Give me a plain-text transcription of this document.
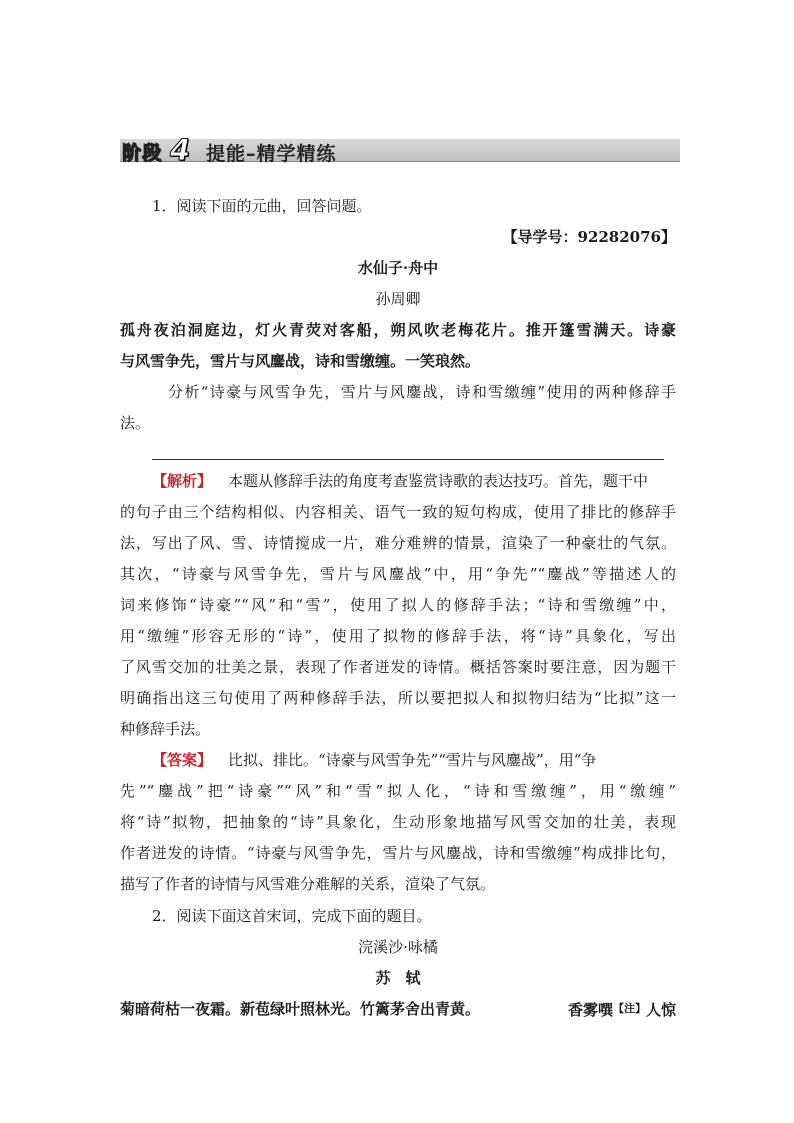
阶段 4 提能–精学精练
1．阅读下面的元曲，回答问题。
【导学号：92282076】
水仙子·舟中
孙周卿
孤舟夜泊洞庭边，灯火青荧对客船，朔风吹老梅花片。推开篷雪满天。诗豪
与风雪争先，雪片与风鏖战，诗和雪缴缠。一笑琅然。
分析“诗豪与风雪争先，雪片与风鏖战，诗和雪缴缠”使用的两种修辞手
法。
【解析】 本题从修辞手法的角度考查鉴赏诗歌的表达技巧。首先，题干中
的句子由三个结构相似、内容相关、语气一致的短句构成，使用了排比的修辞手
法，写出了风、雪、诗情搅成一片，难分难辨的情景，渲染了一种豪壮的气氛。
其次，“诗豪与风雪争先，雪片与风鏖战”中，用“争先”“鏖战”等描述人的
词来修饰“诗豪”“风”和“雪”，使用了拟人的修辞手法；“诗和雪缴缠”中，
用“缴缠”形容无形的“诗”，使用了拟物的修辞手法，将“诗”具象化，写出
了风雪交加的壮美之景，表现了作者迸发的诗情。概括答案时要注意，因为题干
明确指出这三句使用了两种修辞手法，所以要把拟人和拟物归结为“比拟”这一
种修辞手法。
【答案】 比拟、排比。“诗豪与风雪争先”“雪片与风鏖战”，用“争
先”“鏖战”把“诗豪”“风”和“雪”拟人化，“诗和雪缴缠”，用“缴缠”
将“诗”拟物，把抽象的“诗”具象化，生动形象地描写风雪交加的壮美，表现
作者迸发的诗情。“诗豪与风雪争先，雪片与风鏖战，诗和雪缴缠”构成排比句，
描写了作者的诗情与风雪难分难解的关系，渲染了气氛。
2．阅读下面这首宋词，完成下面的题目。
浣溪沙·咏橘
苏　轼
菊暗荷枯一夜霜。新苞绿叶照林光。竹篱茅舍出青黄。	香雾噀$^{【注】}$人惊
